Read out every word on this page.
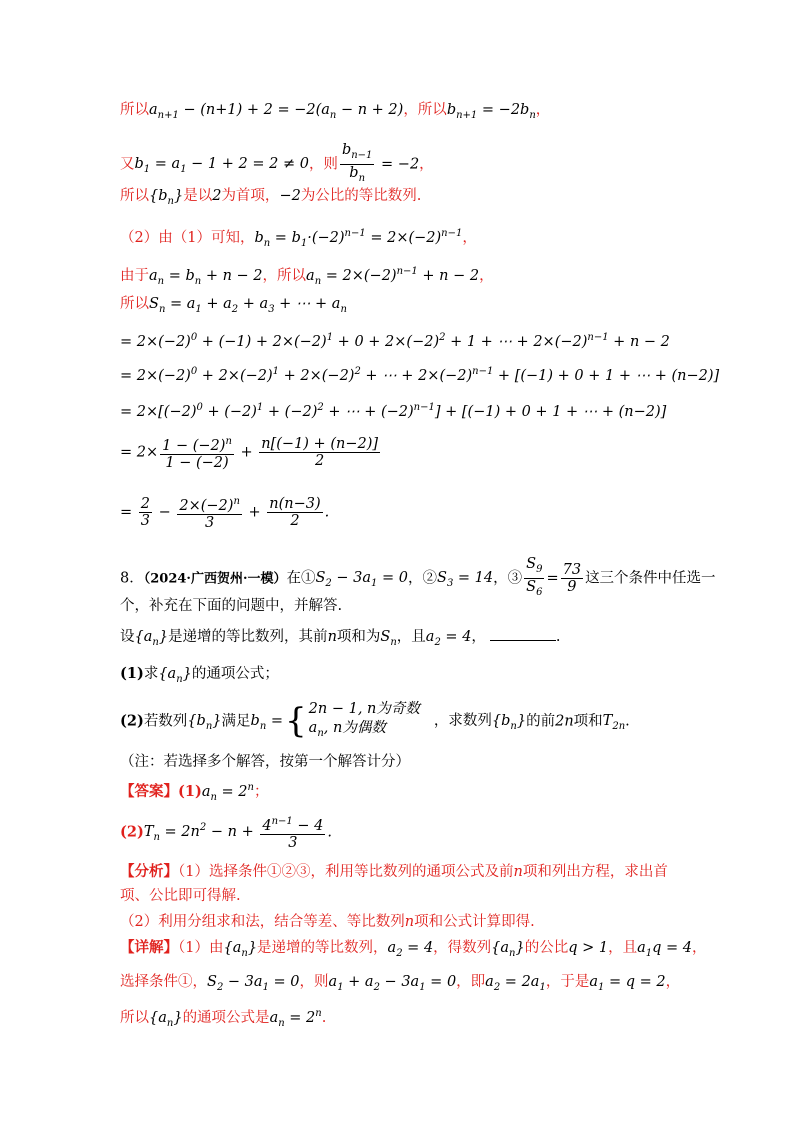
所以$a_{n+1} - (n+1) + 2 = -2(a_n - n + 2)$，所以$b_{n+1} = -2b_n$，
又$b_1 = a_1 - 1 + 2 = 2 \ne 0$，则 $\frac{b_{n-1}}{b_n} = -2$，
所以$\{b_n\}$是以2为首项，−2为公比的等比数列.
（2）由（1）可知，$b_n = b_1\cdot(-2)^{n-1} = 2\times(-2)^{n-1}$，
由于$a_n = b_n + n - 2$，所以$a_n = 2\times(-2)^{n-1} + n - 2$，
所以$S_n = a_1 + a_2 + a_3$ + ⋯ + $a_n$
= $2\times(-2)^0 + (-1) + 2\times(-2)^1 + 0 + 2\times(-2)^2 + 1$ + ⋯ + $2\times(-2)^{n-1} + n - 2$
= $2\times(-2)^0 + 2\times(-2)^1 + 2\times(-2)^2$ + ⋯ + $2\times(-2)^{n-1} + [(-1) + 0 + 1$ + ⋯ + (n−2)]
= $2\times[(-2)^0 + (-2)^1 + (-2)^2$ + ⋯ + $(-2)^{n-1}] + [(-1) + 0 + 1$ + ⋯ + (n−2)]
= $2\times \frac{1 - (-2)^n}{1 - (-2)} + \frac{n[(-1) + (n-2)]}{2}$
= $\frac{2}{3} - \frac{2\times(-2)^n}{3} + \frac{n(n-3)}{2}$ .
8．（2024·广西贺州·一模）在$①S_2 - 3a_1 = 0$，$②S_3 = 14$，③ $\frac{S_9}{S_6} = \frac{73}{9}$ 这三个条件中任选一
个，补充在下面的问题中，并解答.
设$\{a_n\}$是递增的等比数列，其前n项和为$S_n$，且$a_2 = 4$，	.
(1)求$\{a_n\}$的通项公式；
(2)若数列$\{b_n\}$满足$b_n$ ={ 2n − 1, n为奇数
$a_n$, n为偶数	，求数列$\{b_n\}$的前2n项和$T_{2n}$.
（注：若选择多个解答，按第一个解答计分）
【答案】$(1)a_n = 2^n$；
$(2)T_n = 2n^2 - n + \frac{4^{n-1} - 4}{3}$ .
【分析】（1）选择条件①②③，利用等比数列的通项公式及前n项和列出方程，求出首
项、公比即可得解.
（2）利用分组求和法，结合等差、等比数列n项和公式计算即得.
【详解】（1）由$\{a_n\}$是递增的等比数列，$a_2 = 4$，得数列$\{a_n\}$的公比q > 1，且$a_1q = 4$，
选择条件①，$S_2 - 3a_1 = 0$，则$a_1 + a_2 - 3a_1 = 0$，即$a_2 = 2a_1$，于是$a_1 = q = 2$，
所以$\{a_n\}$的通项公式是$a_n = 2^n$.
